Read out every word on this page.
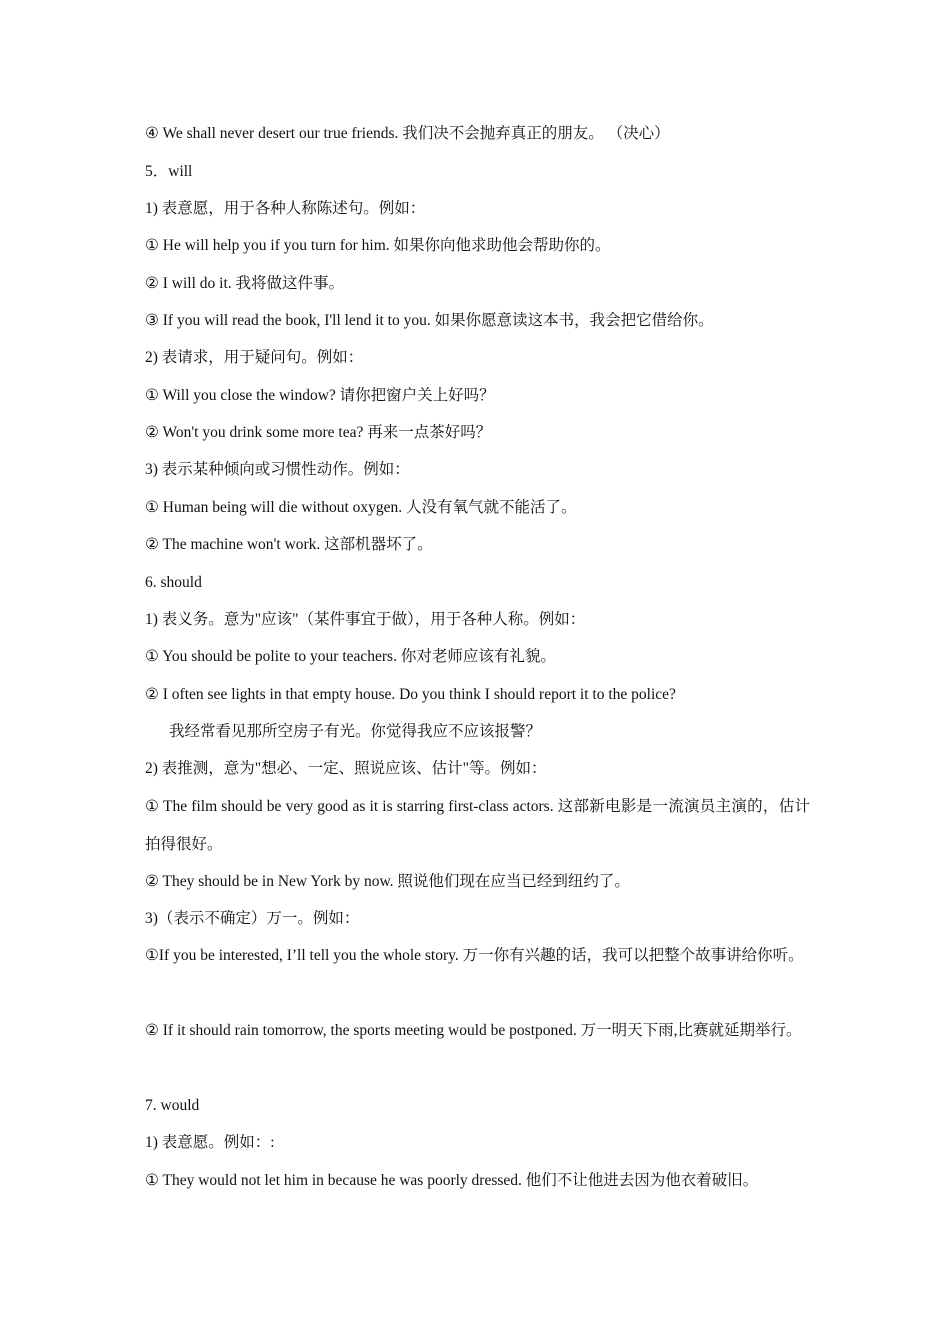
④ We shall never desert our true friends. 我们决不会抛弃真正的朋友。 （决心）
5．will
1) 表意愿，用于各种人称陈述句。例如：
① He will help you if you turn for him. 如果你向他求助他会帮助你的。
② I will do it. 我将做这件事。
③ If you will read the book, I'll lend it to you. 如果你愿意读这本书，我会把它借给你。
2) 表请求，用于疑问句。例如：
① Will you close the window? 请你把窗户关上好吗？
② Won't you drink some more tea? 再来一点茶好吗？
3) 表示某种倾向或习惯性动作。例如：
① Human being will die without oxygen. 人没有氧气就不能活了。
② The machine won't work. 这部机器坏了。
6. should
1) 表义务。意为"应该"（某件事宜于做），用于各种人称。例如：
① You should be polite to your teachers. 你对老师应该有礼貌。
② I often see lights in that empty house. Do you think I should report it to the police?
我经常看见那所空房子有光。你觉得我应不应该报警？
2) 表推测，意为"想必、一定、照说应该、估计"等。例如：
① The film should be very good as it is starring first-class actors. 这部新电影是一流演员主演的，估计拍得很好。
② They should be in New York by now. 照说他们现在应当已经到纽约了。
3)（表示不确定）万一。例如：
①If you be interested, I’ll tell you the whole story. 万一你有兴趣的话，我可以把整个故事讲给你听。
② If it should rain tomorrow, the sports meeting would be postponed. 万一明天下雨,比赛就延期举行。
7. would
1) 表意愿。例如：:
① They would not let him in because he was poorly dressed. 他们不让他进去因为他衣着破旧。
